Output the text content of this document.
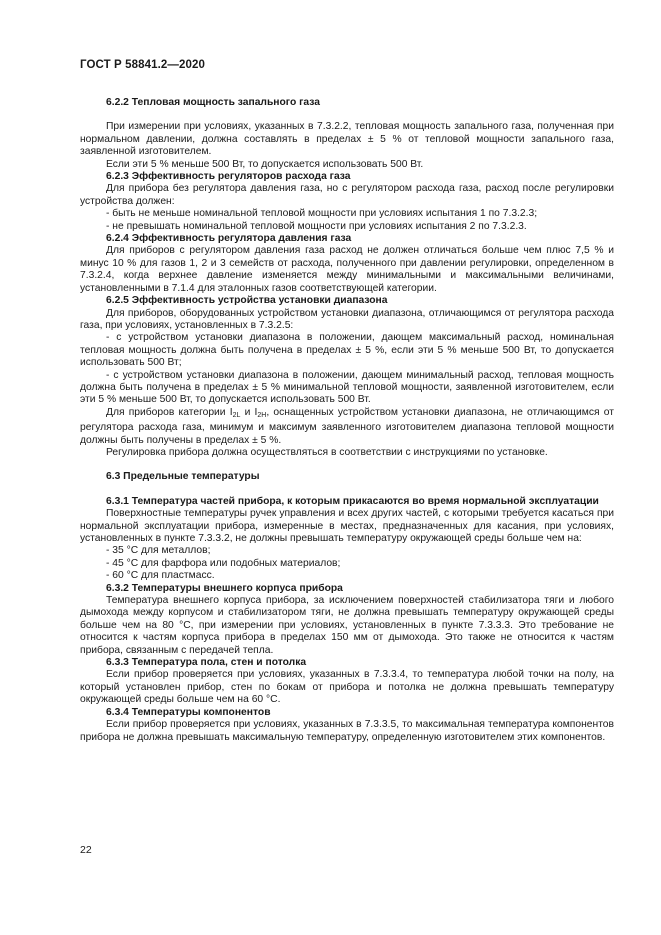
ГОСТ Р 58841.2—2020

6.2.2 Тепловая мощность запального газа

При измерении при условиях, указанных в 7.3.2.2, тепловая мощность запального газа, полученная при нормальном давлении, должна составлять в пределах ± 5 % от тепловой мощности запального газа, заявленной изготовителем.

Если эти 5 % меньше 500 Вт, то допускается использовать 500 Вт.

6.2.3 Эффективность регуляторов расхода газа

Для прибора без регулятора давления газа, но с регулятором расхода газа, расход после регулировки устройства должен:

- быть не меньше номинальной тепловой мощности при условиях испытания 1 по 7.3.2.3;

- не превышать номинальной тепловой мощности при условиях испытания 2 по 7.3.2.3.

6.2.4 Эффективность регулятора давления газа

Для приборов с регулятором давления газа расход не должен отличаться больше чем плюс 7,5 % и минус 10 % для газов 1, 2 и 3 семейств от расхода, полученного при давлении регулировки, определенном в 7.3.2.4, когда верхнее давление изменяется между минимальными и максимальными величинами, установленными в 7.1.4 для эталонных газов соответствующей категории.

6.2.5 Эффективность устройства установки диапазона

Для приборов, оборудованных устройством установки диапазона, отличающимся от регулятора расхода газа, при условиях, установленных в 7.3.2.5:

- с устройством установки диапазона в положении, дающем максимальный расход, номинальная тепловая мощность должна быть получена в пределах ± 5 %, если эти 5 % меньше 500 Вт, то допускается использовать 500 Вт;

- с устройством установки диапазона в положении, дающем минимальный расход, тепловая мощность должна быть получена в пределах ± 5 % минимальной тепловой мощности, заявленной изготовителем, если эти 5 % меньше 500 Вт, то допускается использовать 500 Вт.

Для приборов категории $I_{2L}$ и $I_{2H}$, оснащенных устройством установки диапазона, не отличающимся от регулятора расхода газа, минимум и максимум заявленного изготовителем диапазона тепловой мощности должны быть получены в пределах ± 5 %.

Регулировка прибора должна осуществляться в соответствии с инструкциями по установке.

6.3 Предельные температуры

6.3.1 Температура частей прибора, к которым прикасаются во время нормальной эксплуатации

Поверхностные температуры ручек управления и всех других частей, с которыми требуется касаться при нормальной эксплуатации прибора, измеренные в местах, предназначенных для касания, при условиях, установленных в пункте 7.3.3.2, не должны превышать температуру окружающей среды больше чем на:

- 35 °С для металлов;

- 45 °С для фарфора или подобных материалов;

- 60 °С для пластмасс.

6.3.2 Температуры внешнего корпуса прибора

Температура внешнего корпуса прибора, за исключением поверхностей стабилизатора тяги и любого дымохода между корпусом и стабилизатором тяги, не должна превышать температуру окружающей среды больше чем на 80 °С, при измерении при условиях, установленных в пункте 7.3.3.3. Это требование не относится к частям корпуса прибора в пределах 150 мм от дымохода. Это также не относится к частям прибора, связанным с передачей тепла.

6.3.3 Температура пола, стен и потолка

Если прибор проверяется при условиях, указанных в 7.3.3.4, то температура любой точки на полу, на который установлен прибор, стен по бокам от прибора и потолка не должна превышать температуру окружающей среды больше чем на 60 °С.

6.3.4 Температуры компонентов

Если прибор проверяется при условиях, указанных в 7.3.3.5, то максимальная температура компонентов прибора не должна превышать максимальную температуру, определенную изготовителем этих компонентов.

22
